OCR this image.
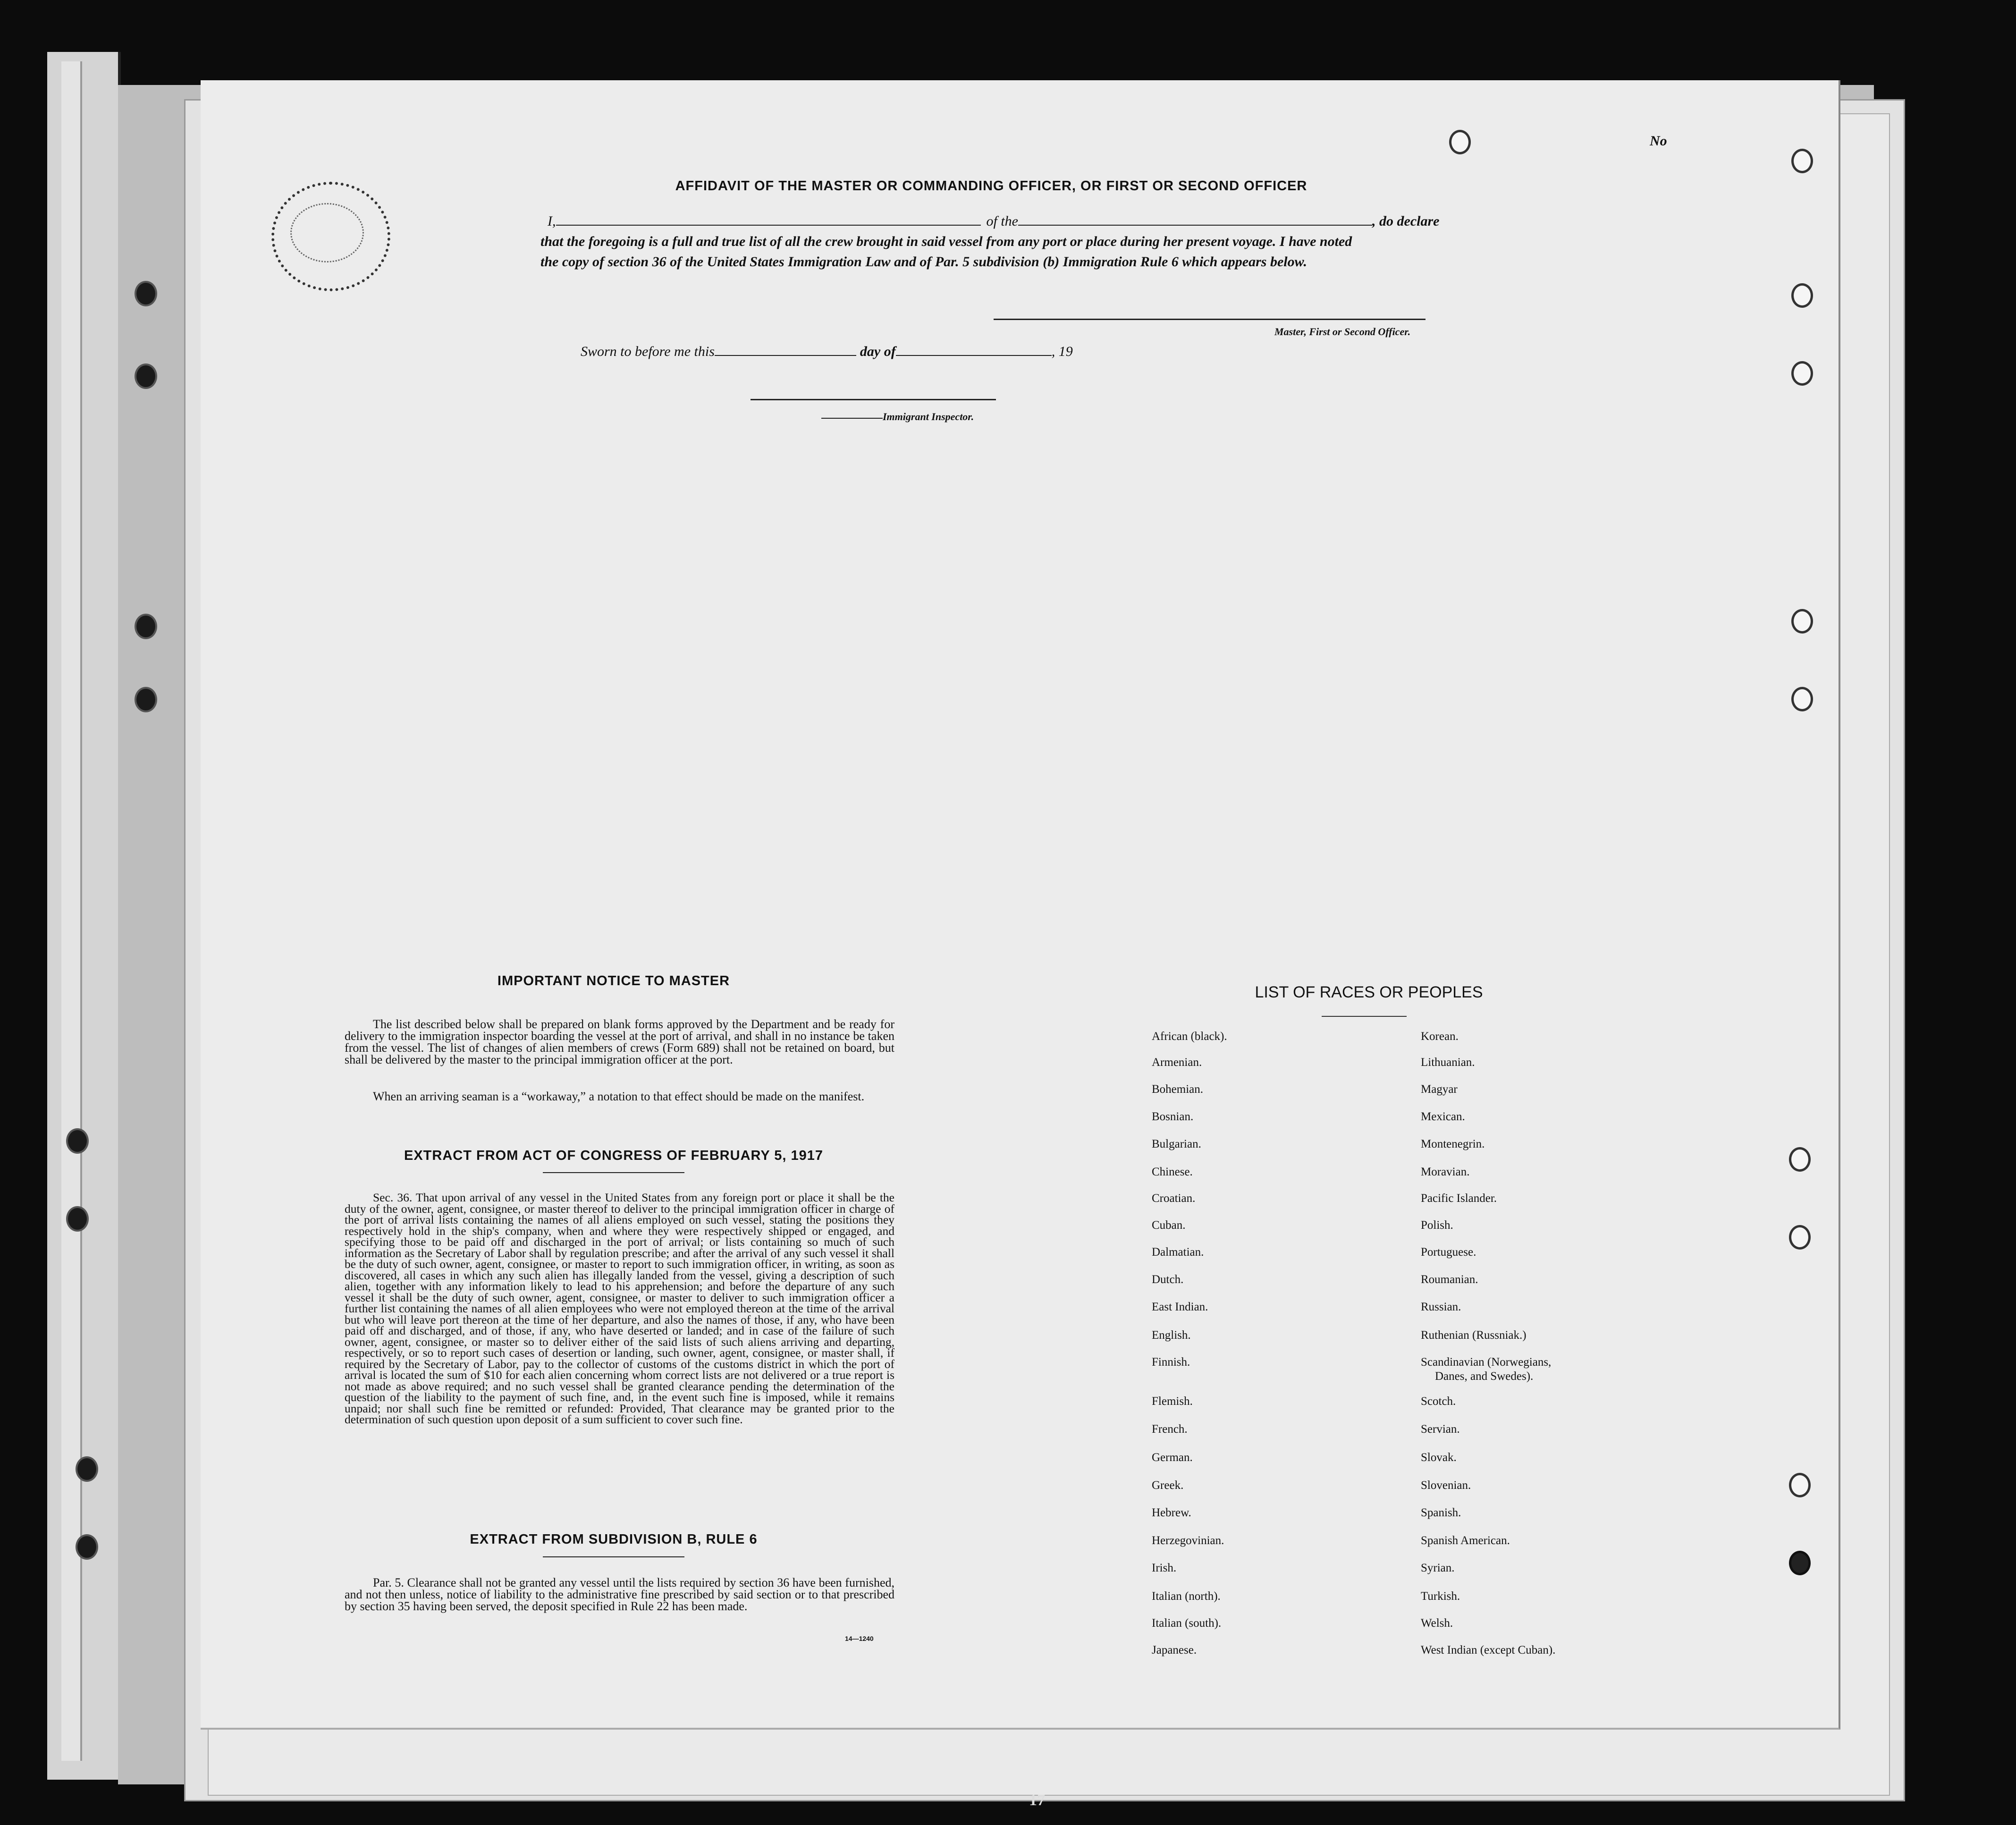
No
AFFIDAVIT OF THE MASTER OR COMMANDING OFFICER, OR FIRST OR SECOND OFFICER
I,	of the	, do declare
that the foregoing is a full and true list of all the crew brought in said vessel from any port or place during her present voyage. I have noted
the copy of section 36 of the United States Immigration Law and of Par. 5 subdivision (b) Immigration Rule 6 which appears below.
Master, First or Second Officer.
Sworn to before me this	day of	, 19
Immigrant Inspector.
IMPORTANT NOTICE TO MASTER
The list described below shall be prepared on blank forms approved by the Department and be ready for delivery to the immigration inspector boarding the vessel at the port of arrival, and shall in no instance be taken from the vessel. The list of changes of alien members of crews (Form 689) shall not be retained on board, but shall be delivered by the master to the principal immigration officer at the port.
When an arriving seaman is a “workaway,” a notation to that effect should be made on the manifest.
EXTRACT FROM ACT OF CONGRESS OF FEBRUARY 5, 1917
Sec. 36. That upon arrival of any vessel in the United States from any foreign port or place it shall be the duty of the owner, agent, consignee, or master thereof to deliver to the principal immigration officer in charge of the port of arrival lists containing the names of all aliens employed on such vessel, stating the positions they respectively hold in the ship's company, when and where they were respectively shipped or engaged, and specifying those to be paid off and discharged in the port of arrival; or lists containing so much of such information as the Secretary of Labor shall by regulation prescribe; and after the arrival of any such vessel it shall be the duty of such owner, agent, consignee, or master to report to such immigration officer, in writing, as soon as discovered, all cases in which any such alien has illegally landed from the vessel, giving a description of such alien, together with any information likely to lead to his apprehension; and before the departure of any such vessel it shall be the duty of such owner, agent, consignee, or master to deliver to such immigration officer a further list containing the names of all alien employees who were not employed thereon at the time of the arrival but who will leave port thereon at the time of her departure, and also the names of those, if any, who have been paid off and discharged, and of those, if any, who have deserted or landed; and in case of the failure of such owner, agent, consignee, or master so to deliver either of the said lists of such aliens arriving and departing, respectively, or so to report such cases of desertion or landing, such owner, agent, consignee, or master shall, if required by the Secretary of Labor, pay to the collector of customs of the customs district in which the port of arrival is located the sum of $10 for each alien concerning whom correct lists are not delivered or a true report is not made as above required; and no such vessel shall be granted clearance pending the determination of the question of the liability to the payment of such fine, and, in the event such fine is imposed, while it remains unpaid; nor shall such fine be remitted or refunded: Provided, That clearance may be granted prior to the determination of such question upon deposit of a sum sufficient to cover such fine.
EXTRACT FROM SUBDIVISION B, RULE 6
Par. 5. Clearance shall not be granted any vessel until the lists required by section 36 have been furnished, and not then unless, notice of liability to the administrative fine prescribed by said section or to that prescribed by section 35 having been served, the deposit specified in Rule 22 has been made.
14—1240
LIST OF RACES OR PEOPLES
African (black).
Armenian.
Bohemian.
Bosnian.
Bulgarian.
Chinese.
Croatian.
Cuban.
Dalmatian.
Dutch.
East Indian.
English.
Finnish.
Flemish.
French.
German.
Greek.
Hebrew.
Herzegovinian.
Irish.
Italian (north).
Italian (south).
Japanese.
Korean.
Lithuanian.
Magyar
Mexican.
Montenegrin.
Moravian.
Pacific Islander.
Polish.
Portuguese.
Roumanian.
Russian.
Ruthenian (Russniak.)
Scandinavian (Norwegians,
Danes, and Swedes).
Scotch.
Servian.
Slovak.
Slovenian.
Spanish.
Spanish American.
Syrian.
Turkish.
Welsh.
West Indian (except Cuban).
17
